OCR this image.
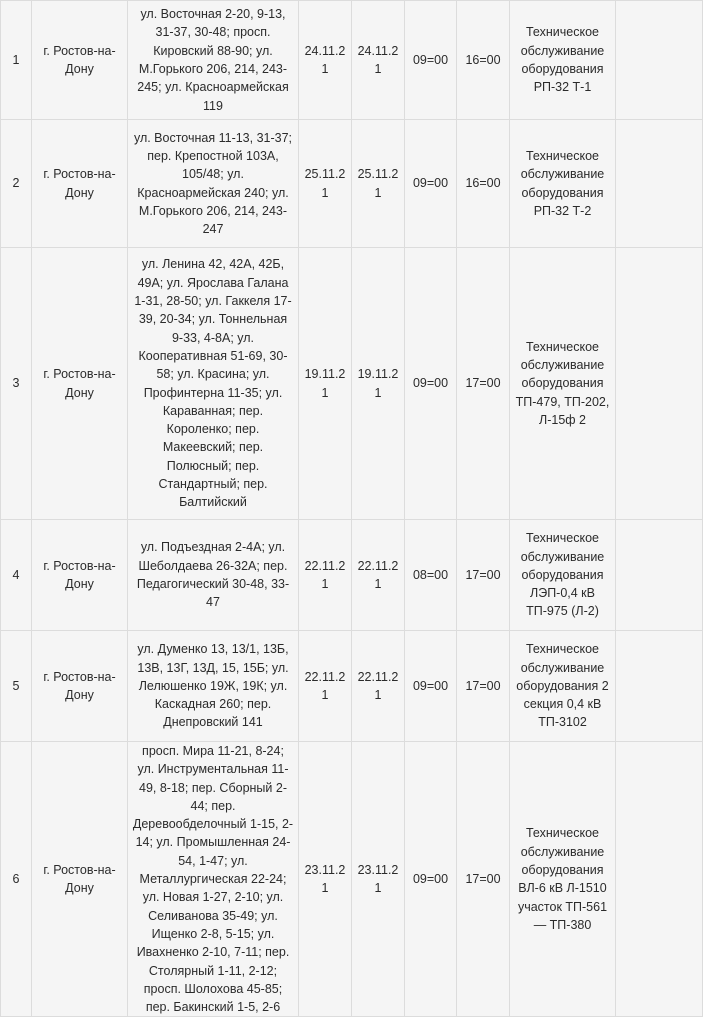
1	г. Ростов-на-Дону	ул. Восточная 2-20, 9-13, 31-37, 30-48; просп. Кировский 88-90; ул. М.Горького 206, 214, 243-245; ул. Красноармейская 119	24.11.21	24.11.21	09=00	16=00	Техническое обслуживание оборудования РП-32 Т-1	
2	г. Ростов-на-Дону	ул. Восточная 11-13, 31-37; пер. Крепостной 103А, 105/48; ул. Красноармейская 240; ул. М.Горького 206, 214, 243-247	25.11.21	25.11.21	09=00	16=00	Техническое обслуживание оборудования РП-32 Т-2	
3	г. Ростов-на-Дону	ул. Ленина 42, 42А, 42Б, 49А; ул. Ярослава Галана 1-31, 28-50; ул. Гаккеля 17-39, 20-34; ул. Тоннельная 9-33, 4-8А; ул. Кооперативная 51-69, 30-58; ул. Красина; ул. Профинтерна 11-35; ул. Караванная; пер. Короленко; пер. Макеевский; пер. Полюсный; пер. Стандартный; пер. Балтийский	19.11.21	19.11.21	09=00	17=00	Техническое обслуживание оборудования ТП-479, ТП-202, Л-15ф 2	
4	г. Ростов-на-Дону	ул. Подъездная 2-4А; ул. Шеболдаева 26-32А; пер. Педагогический 30-48, 33-47	22.11.21	22.11.21	08=00	17=00	Техническое обслуживание оборудования ЛЭП-0,4 кВ ТП-975 (Л-2)	
5	г. Ростов-на-Дону	ул. Думенко 13, 13/1, 13Б, 13В, 13Г, 13Д, 15, 15Б; ул. Лелюшенко 19Ж, 19К; ул. Каскадная 260; пер. Днепровский 141	22.11.21	22.11.21	09=00	17=00	Техническое обслуживание оборудования 2 секция 0,4 кВ ТП-3102	
6	г. Ростов-на-Дону	просп. Мира 11-21, 8-24; ул. Инструментальная 11-49, 8-18; пер. Сборный 2-44; пер. Деревообделочный 1-15, 2-14; ул. Промышленная 24-54, 1-47; ул. Металлургическая 22-24; ул. Новая 1-27, 2-10; ул. Селиванова 35-49; ул. Ищенко 2-8, 5-15; ул. Ивахненко 2-10, 7-11; пер. Столярный 1-11, 2-12; просп. Шолохова 45-85; пер. Бакинский 1-5, 2-6	23.11.21	23.11.21	09=00	17=00	Техническое обслуживание оборудования ВЛ-6 кВ Л-1510 участок ТП-561 — ТП-380	
